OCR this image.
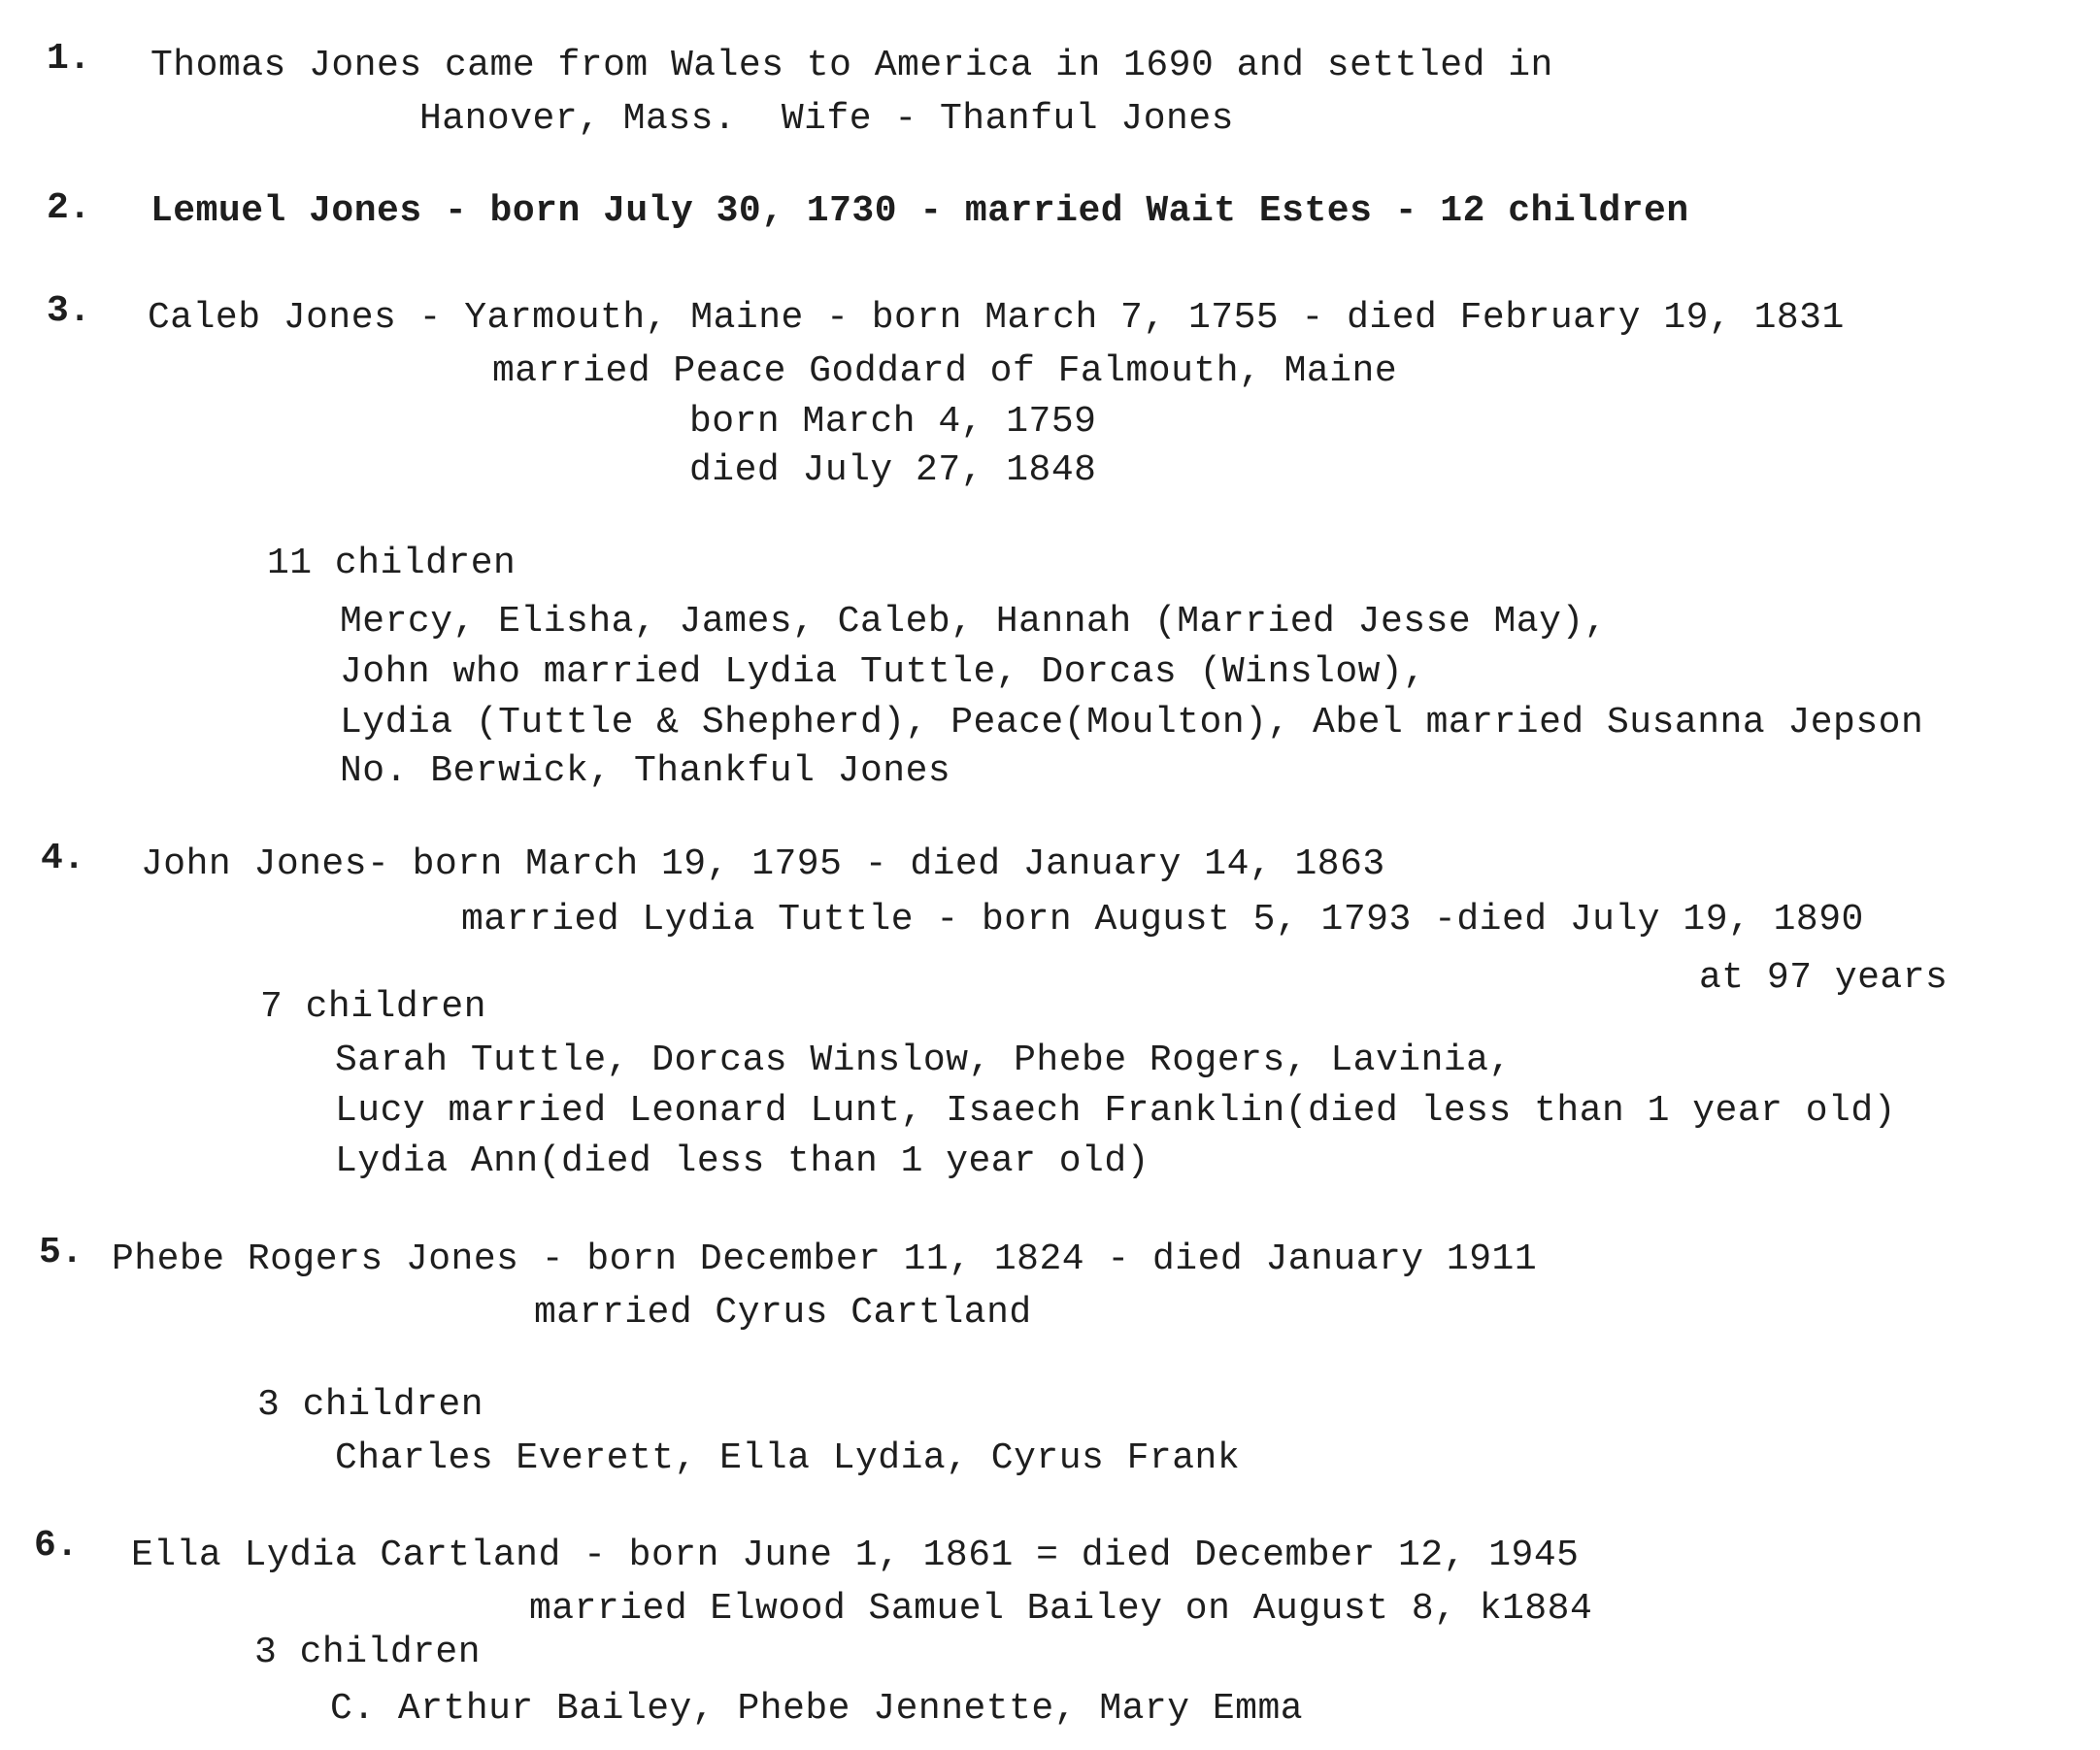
1. Thomas Jones came from Wales to America in 1690 and settled in
Hanover, Mass.  Wife - Thanful Jones
2. Lemuel Jones - born July 30, 1730 - married Wait Estes - 12 children
3. Caleb Jones - Yarmouth, Maine - born March 7, 1755 - died February 19, 1831
married Peace Goddard of Falmouth, Maine
born March 4, 1759
died July 27, 1848
11 children
Mercy, Elisha, James, Caleb, Hannah (Married Jesse May),
John who married Lydia Tuttle, Dorcas (Winslow),
Lydia (Tuttle & Shepherd), Peace(Moulton), Abel married Susanna Jepson
No. Berwick, Thankful Jones
4. John Jones- born March 19, 1795 - died January 14, 1863
married Lydia Tuttle - born August 5, 1793 -died July 19, 1890
at 97 years
7 children
Sarah Tuttle, Dorcas Winslow, Phebe Rogers, Lavinia,
Lucy married Leonard Lunt, Isaech Franklin(died less than 1 year old)
Lydia Ann(died less than 1 year old)
5. Phebe Rogers Jones - born December 11, 1824 - died January 1911
married Cyrus Cartland
3 children
Charles Everett, Ella Lydia, Cyrus Frank
6. Ella Lydia Cartland - born June 1, 1861 = died December 12, 1945
married Elwood Samuel Bailey on August 8, k1884
3 children
C. Arthur Bailey, Phebe Jennette, Mary Emma
